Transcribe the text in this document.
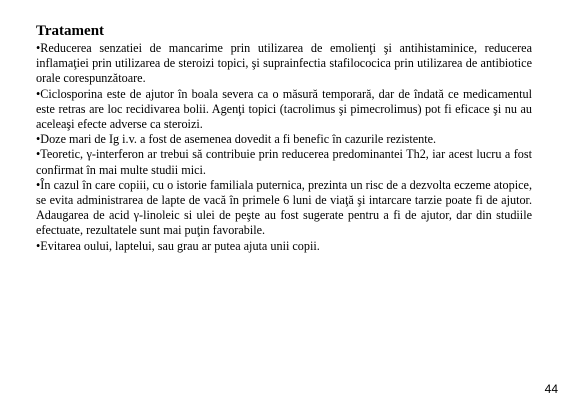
Tratament

•Reducerea senzatiei de mancarime prin utilizarea de emolienţi şi antihistaminice, reducerea inflamaţiei prin utilizarea de steroizi topici, şi suprainfectia stafilococica prin utilizarea de antibiotice orale corespunzătoare.

•Ciclosporina este de ajutor în boala severa ca o măsură temporară, dar de îndată ce medicamentul este retras are loc recidivarea bolii. Agenţi topici (tacrolimus şi pimecrolimus) pot fi eficace şi nu au aceleaşi efecte adverse ca steroizi.

•Doze mari de Ig i.v. a fost de asemenea dovedit a fi benefic în cazurile rezistente.

•Teoretic, γ-interferon ar trebui să contribuie prin reducerea predominantei Th2, iar acest lucru a fost confirmat în mai multe studii mici.

•În cazul în care copiii, cu o istorie familiala puternica, prezinta un risc de a dezvolta eczeme atopice, se evita administrarea de lapte de vacă în primele 6 luni de viaţă şi intarcare tarzie poate fi de ajutor. Adaugarea de acid γ-linoleic si ulei de peşte au fost sugerate pentru a fi de ajutor, dar din studiile efectuate, rezultatele sunt mai puţin favorabile.

•Evitarea oului, laptelui, sau grau ar putea ajuta unii copii.

44
